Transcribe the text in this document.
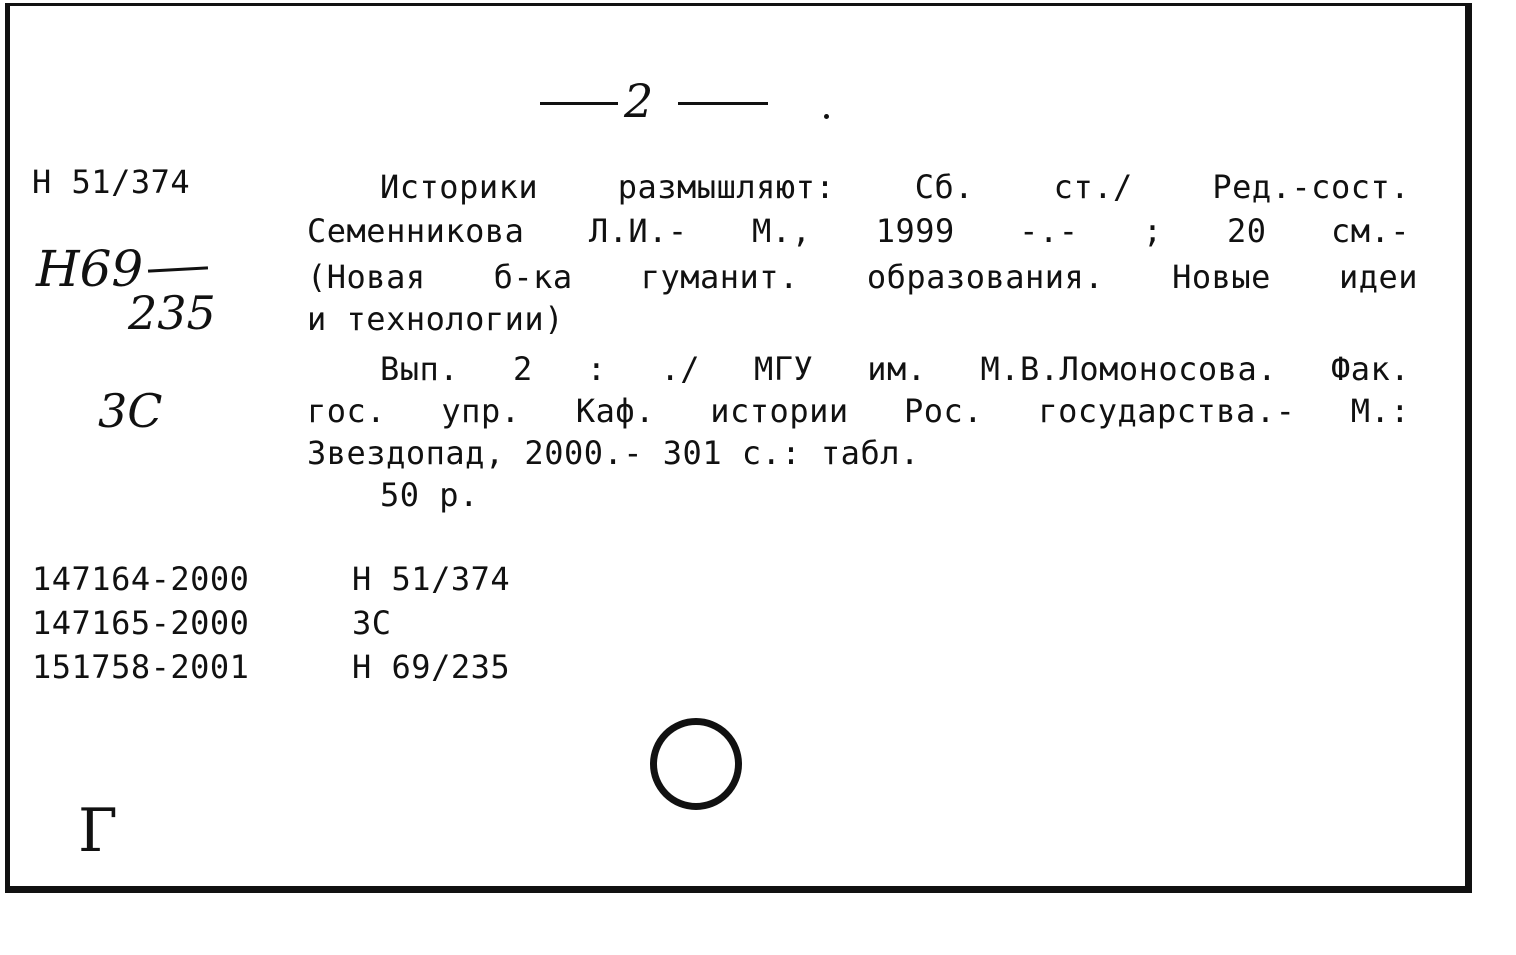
2
Н 51/374
Н69
235
3С
Г
Историки размышляют: Сб. ст./ Ред.-сост.
Семенникова Л.И.- М., 1999 -.- ; 20 см.-
(Новая б-ка гуманит. образования. Новые идеи
и технологии)
Вып. 2 : ./ МГУ им. М.В.Ломоносова. Фак.
гос. упр. Каф. истории Рос. государства.- М.:
Звездопад, 2000.- 301 с.: табл.
50 р.
147164-2000	Н 51/374
147165-2000	3С
151758-2001	Н 69/235
